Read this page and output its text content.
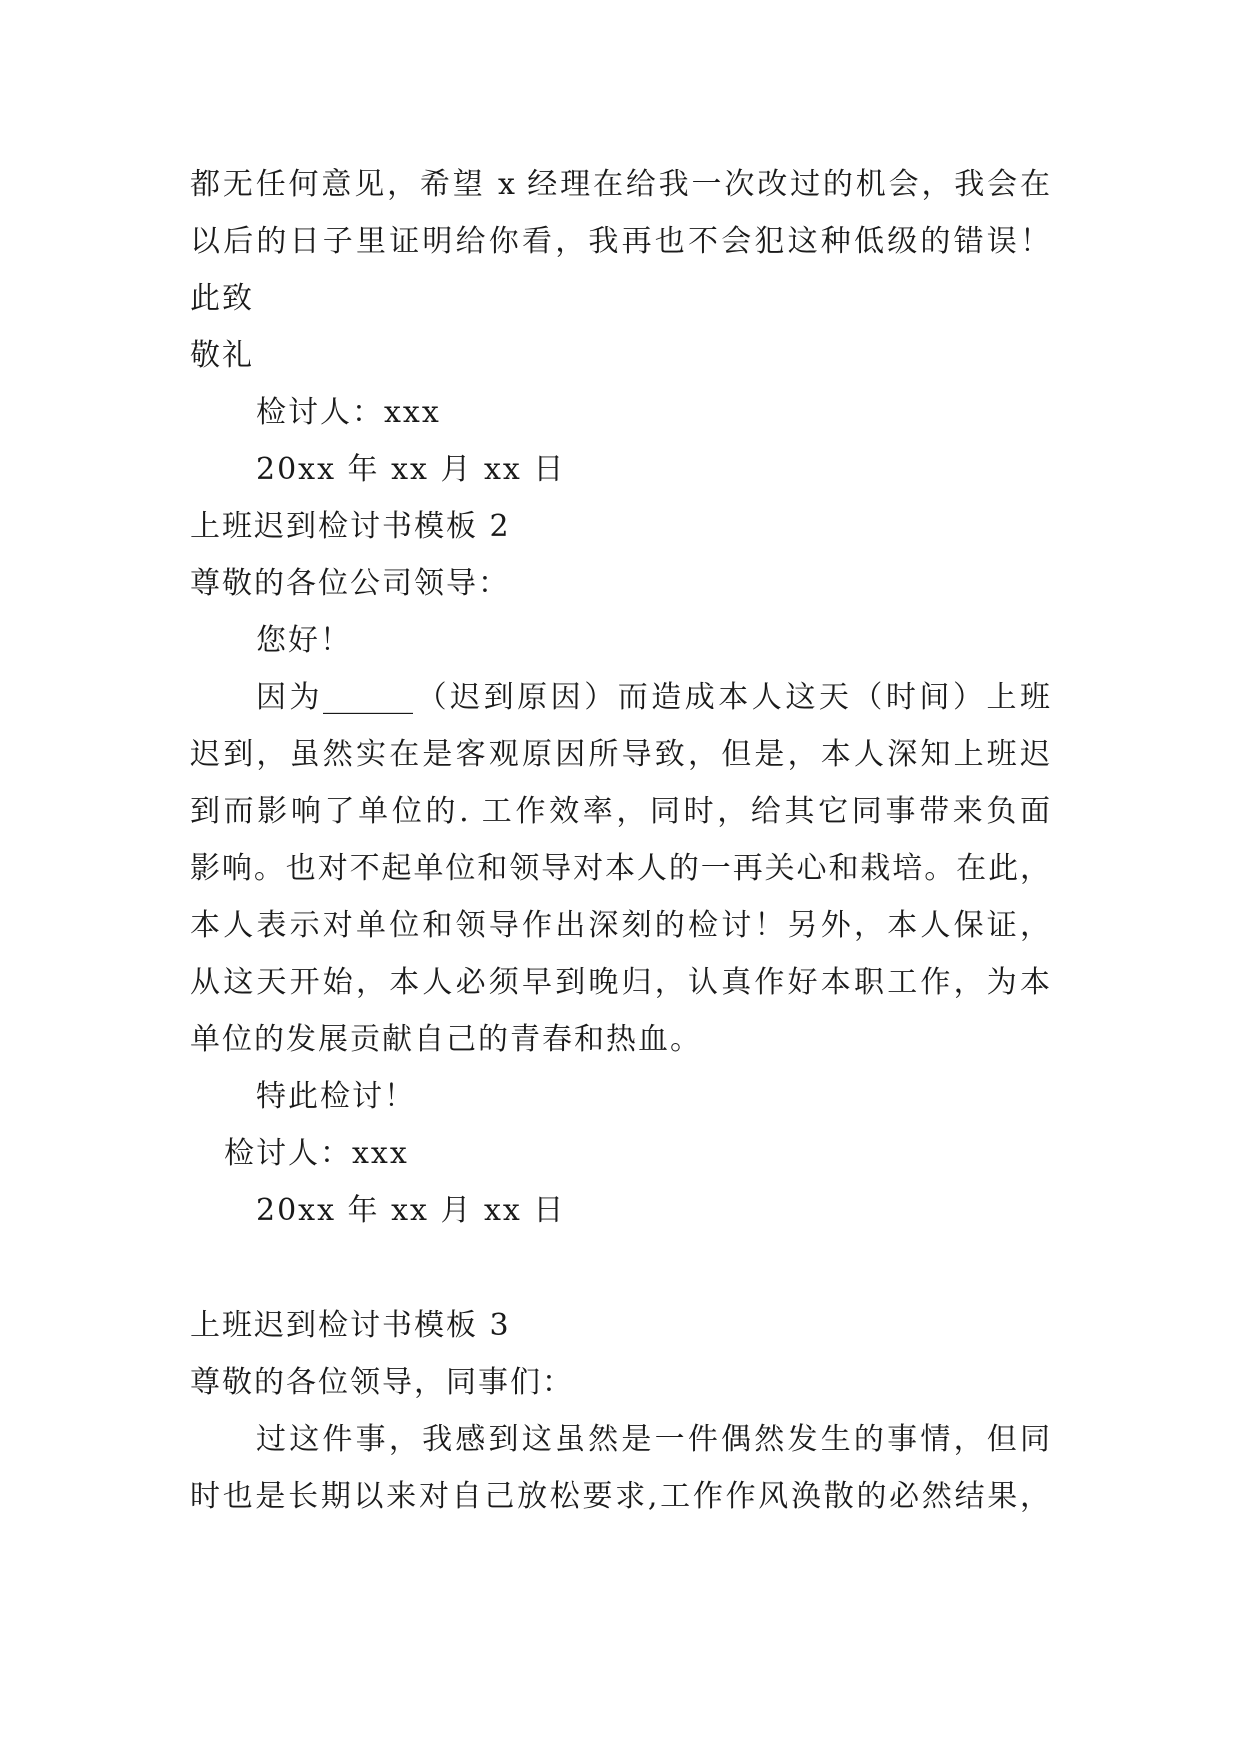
都无任何意见，希望 x 经理在给我一次改过的机会，我会在
以后的日子里证明给你看，我再也不会犯这种低级的错误！
此致
敬礼
检讨人：xxx
20xx 年 xx 月 xx 日
上班迟到检讨书模板 2
尊敬的各位公司领导：
您好！
因为______（迟到原因）而造成本人这天（时间）上班
迟到，虽然实在是客观原因所导致，但是，本人深知上班迟
到而影响了单位的. 工作效率，同时，给其它同事带来负面
影响。也对不起单位和领导对本人的一再关心和栽培。在此，
本人表示对单位和领导作出深刻的检讨！另外，本人保证，
从这天开始，本人必须早到晚归，认真作好本职工作，为本
单位的发展贡献自己的青春和热血。
特此检讨！
检讨人：xxx
20xx 年 xx 月 xx 日
上班迟到检讨书模板 3
尊敬的各位领导，同事们：
过这件事，我感到这虽然是一件偶然发生的事情，但同
时也是长期以来对自己放松要求,工作作风涣散的必然结果，
